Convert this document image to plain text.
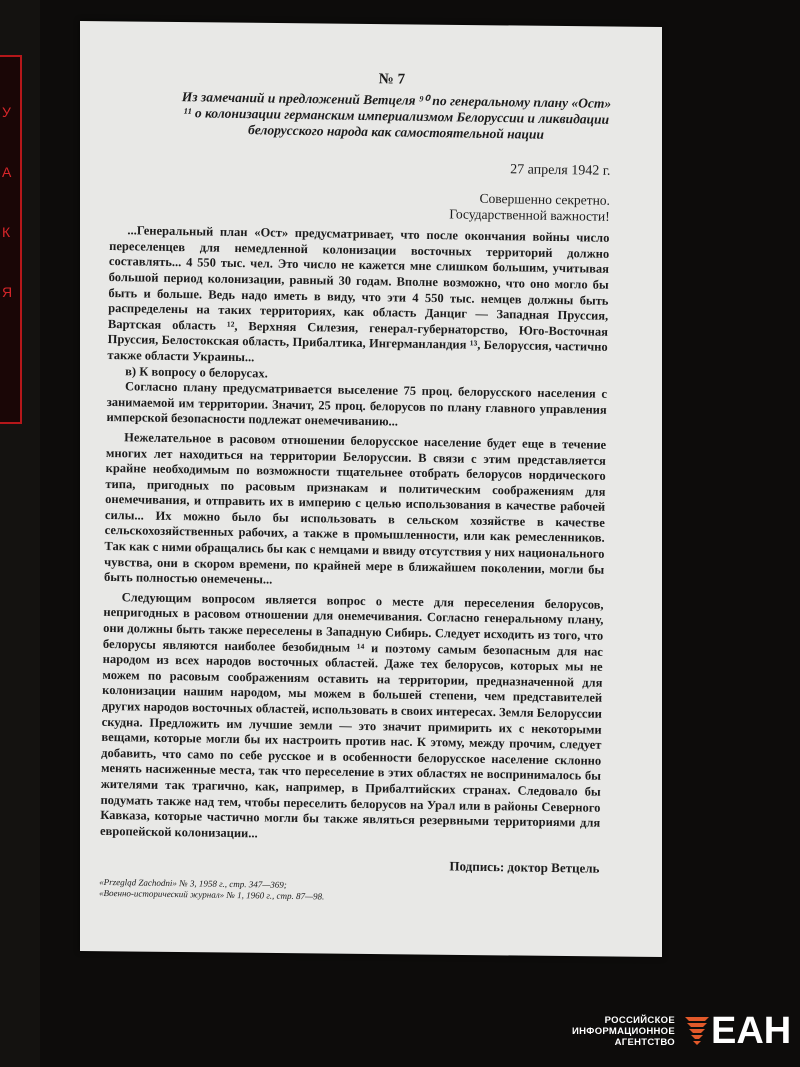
У
А
К
Я
№ 7

Из замечаний и предложений Ветцеля ⁹⁰ по генеральному плану «Ост» ¹¹ о колонизации германским империализмом Белоруссии и ликвидации белорусского народа как самостоятельной нации

27 апреля 1942 г.
Совершенно секретно.
Государственной важности!

...Генеральный план «Ост» предусматривает, что после окончания войны число переселенцев для немедленной колонизации восточных территорий должно составлять... 4 550 тыс. чел. Это число не кажется мне слишком большим, учитывая большой период колонизации, равный 30 годам. Вполне возможно, что оно могло бы быть и больше. Ведь надо иметь в виду, что эти 4 550 тыс. немцев должны быть распределены на таких территориях, как область Данциг — Западная Пруссия, Вартская область ¹², Верхняя Силезия, генерал-губернаторство, Юго-Восточная Пруссия, Белостокская область, Прибалтика, Ингерманландия ¹³, Белоруссия, частично также области Украины...

в) К вопросу о белорусах.

Согласно плану предусматривается выселение 75 проц. белорусского населения с занимаемой им территории. Значит, 25 проц. белорусов по плану главного управления имперской безопасности подлежат онемечиванию...

Нежелательное в расовом отношении белорусское население будет еще в течение многих лет находиться на территории Белоруссии. В связи с этим представляется крайне необходимым по возможности тщательнее отобрать белорусов нордического типа, пригодных по расовым признакам и политическим соображениям для онемечивания, и отправить их в империю с целью использования в качестве рабочей силы... Их можно было бы использовать в сельском хозяйстве в качестве сельскохозяйственных рабочих, а также в промышленности, или как ремесленников. Так как с ними обращались бы как с немцами и ввиду отсутствия у них национального чувства, они в скором времени, по крайней мере в ближайшем поколении, могли бы быть полностью онемечены...

Следующим вопросом является вопрос о месте для переселения белорусов, непригодных в расовом отношении для онемечивания. Согласно генеральному плану, они должны быть также переселены в Западную Сибирь. Следует исходить из того, что белорусы являются наиболее безобидным ¹⁴ и поэтому самым безопасным для нас народом из всех народов восточных областей. Даже тех белорусов, которых мы не можем по расовым соображениям оставить на территории, предназначенной для колонизации нашим народом, мы можем в большей степени, чем представителей других народов восточных областей, использовать в своих интересах. Земля Белоруссии скудна. Предложить им лучшие земли — это значит примирить их с некоторыми вещами, которые могли бы их настроить против нас. К этому, между прочим, следует добавить, что само по себе русское и в особенности белорусское население склонно менять насиженные места, так что переселение в этих областях не воспринималось бы жителями так трагично, как, например, в Прибалтийских странах. Следовало бы подумать также над тем, чтобы переселить белорусов на Урал или в районы Северного Кавказа, которые частично могли бы также являться резервными территориями для европейской колонизации...

Подпись: доктор Ветцель

«Przegląd Zachodni» № 3, 1958 г., стр. 347—369;

«Военно-исторический журнал» № 1, 1960 г., стр. 87—98.

РОССИЙСКОЕ
ИНФОРМАЦИОННОЕ
АГЕНТСТВО ЕАН
